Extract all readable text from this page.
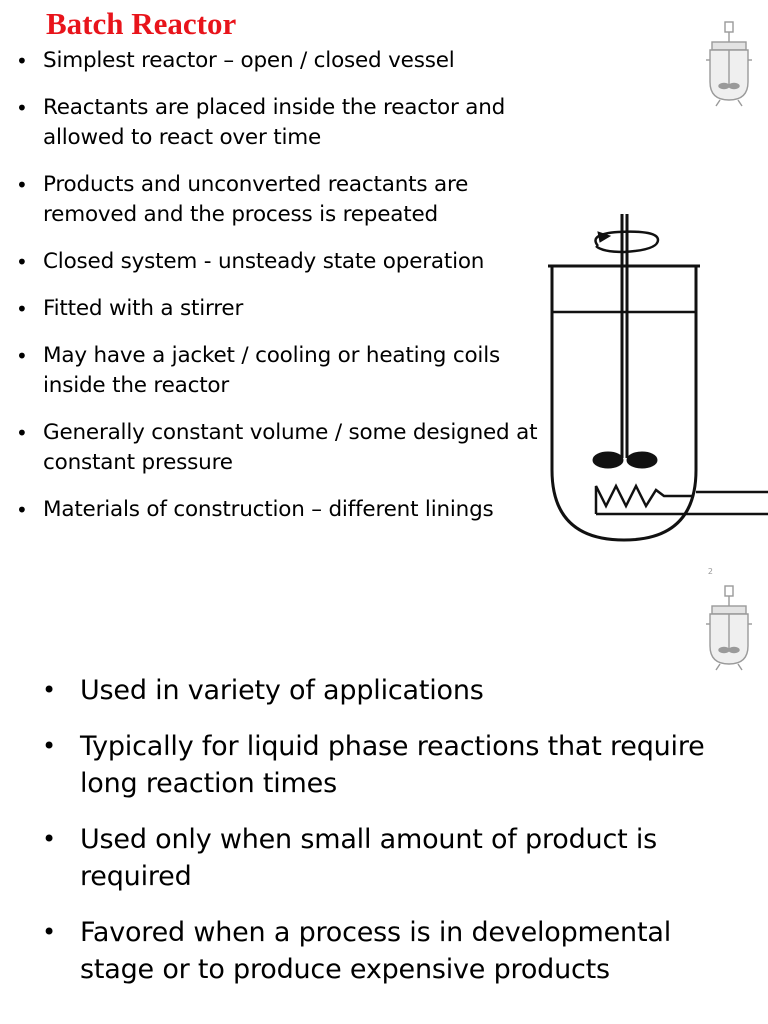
Batch Reactor
• Simplest reactor – open / closed vessel
• Reactants are placed inside the reactor and allowed to react over time
• Products and unconverted reactants are removed and the process is repeated
• Closed system - unsteady state operation
• Fitted with a stirrer
• May have a jacket / cooling or heating coils inside the reactor
• Generally constant volume / some designed at constant pressure
• Materials of construction – different linings
2
• Used in variety of applications
• Typically for liquid phase reactions that require long reaction times
• Used only when small amount of product is required
• Favored when a process is in developmental stage or to produce expensive products
